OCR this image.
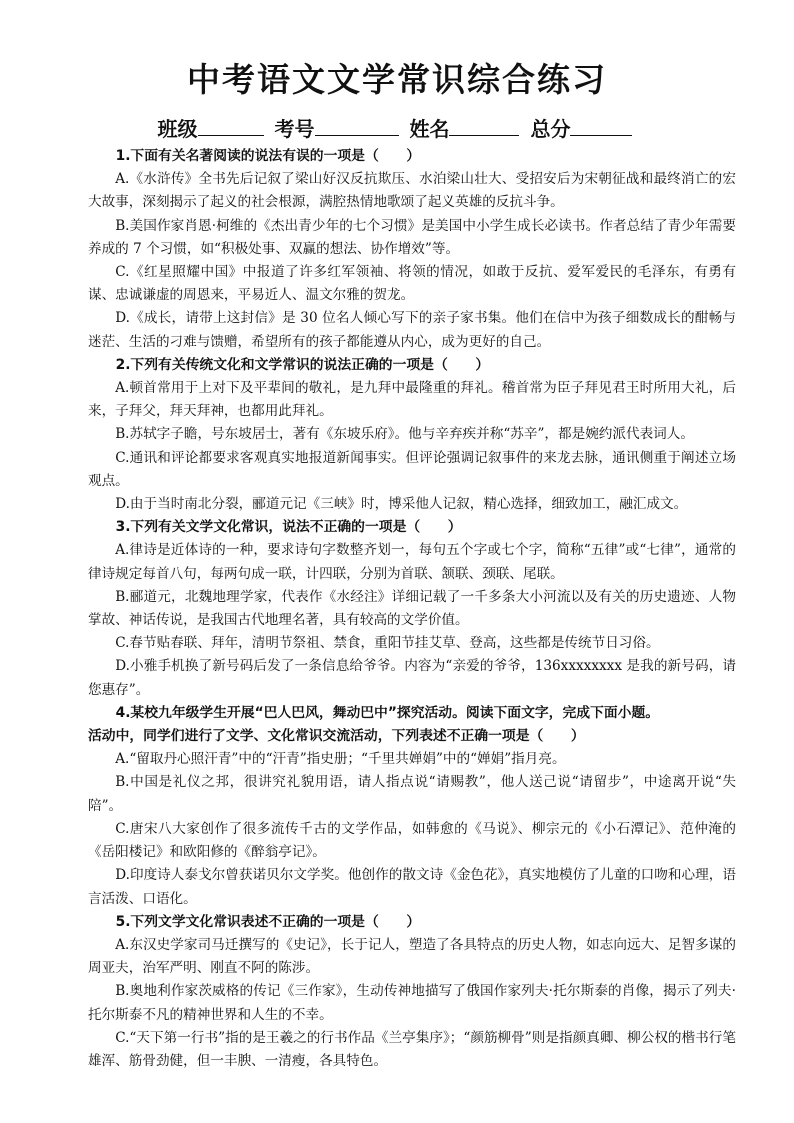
中考语文文学常识综合练习
班级	考号	姓名	总分
1.下面有关名著阅读的说法有误的一项是（　　）
A.《水浒传》全书先后记叙了梁山好汉反抗欺压、水泊梁山壮大、受招安后为宋朝征战和最终消亡的宏大故事，深刻揭示了起义的社会根源，满腔热情地歌颂了起义英雄的反抗斗争。
B.美国作家肖恩·柯维的《杰出青少年的七个习惯》是美国中小学生成长必读书。作者总结了青少年需要养成的 7 个习惯，如“积极处事、双赢的想法、协作增效”等。
C.《红星照耀中国》中报道了许多红军领袖、将领的情况，如敢于反抗、爱军爱民的毛泽东，有勇有谋、忠诚谦虚的周恩来，平易近人、温文尔雅的贺龙。
D.《成长，请带上这封信》是 30 位名人倾心写下的亲子家书集。他们在信中为孩子细数成长的酣畅与迷茫、生活的刁难与馈赠，希望所有的孩子都能遵从内心，成为更好的自己。
2.下列有关传统文化和文学常识的说法正确的一项是（　　）
A.顿首常用于上对下及平辈间的敬礼，是九拜中最隆重的拜礼。稽首常为臣子拜见君王时所用大礼，后来，子拜父，拜天拜神，也都用此拜礼。
B.苏轼字子瞻，号东坡居士，著有《东坡乐府》。他与辛弃疾并称“苏辛”，都是婉约派代表词人。
C.通讯和评论都要求客观真实地报道新闻事实。但评论强调记叙事件的来龙去脉，通讯侧重于阐述立场观点。
D.由于当时南北分裂，郦道元记《三峡》时，博采他人记叙，精心选择，细致加工，融汇成文。
3.下列有关文学文化常识，说法不正确的一项是（　　）
A.律诗是近体诗的一种，要求诗句字数整齐划一，每句五个字或七个字，简称“五律”或“七律”，通常的律诗规定每首八句，每两句成一联，计四联，分别为首联、颔联、颈联、尾联。
B.郦道元，北魏地理学家，代表作《水经注》详细记载了一千多条大小河流以及有关的历史遗迹、人物掌故、神话传说，是我国古代地理名著，具有较高的文学价值。
C.春节贴春联、拜年，清明节祭祖、禁食，重阳节挂艾草、登高，这些都是传统节日习俗。
D.小雅手机换了新号码后发了一条信息给爷爷。内容为“亲爱的爷爷，136xxxxxxxx 是我的新号码，请您惠存”。
4.某校九年级学生开展“巴人巴风，舞动巴中”探究活动。阅读下面文字，完成下面小题。
活动中，同学们进行了文学、文化常识交流活动，下列表述不正确一项是（　　）
A.“留取丹心照汗青”中的“汗青”指史册；“千里共婵娟”中的“婵娟”指月亮。
B.中国是礼仪之邦，很讲究礼貌用语，请人指点说“请赐教”，他人送己说“请留步”，中途离开说“失陪”。
C.唐宋八大家创作了很多流传千古的文学作品，如韩愈的《马说》、柳宗元的《小石潭记》、范仲淹的《岳阳楼记》和欧阳修的《醉翁亭记》。
D.印度诗人泰戈尔曾获诺贝尔文学奖。他创作的散文诗《金色花》，真实地模仿了儿童的口吻和心理，语言活泼、口语化。
5.下列文学文化常识表述不正确的一项是（　　）
A.东汉史学家司马迁撰写的《史记》，长于记人，塑造了各具特点的历史人物，如志向远大、足智多谋的周亚夫，治军严明、刚直不阿的陈涉。
B.奥地利作家茨威格的传记《三作家》，生动传神地描写了俄国作家列夫·托尔斯泰的肖像，揭示了列夫·托尔斯泰不凡的精神世界和人生的不幸。
C.“天下第一行书”指的是王羲之的行书作品《兰亭集序》；“颜筋柳骨”则是指颜真卿、柳公权的楷书行笔雄浑、筋骨劲健，但一丰腴、一清瘦，各具特色。
